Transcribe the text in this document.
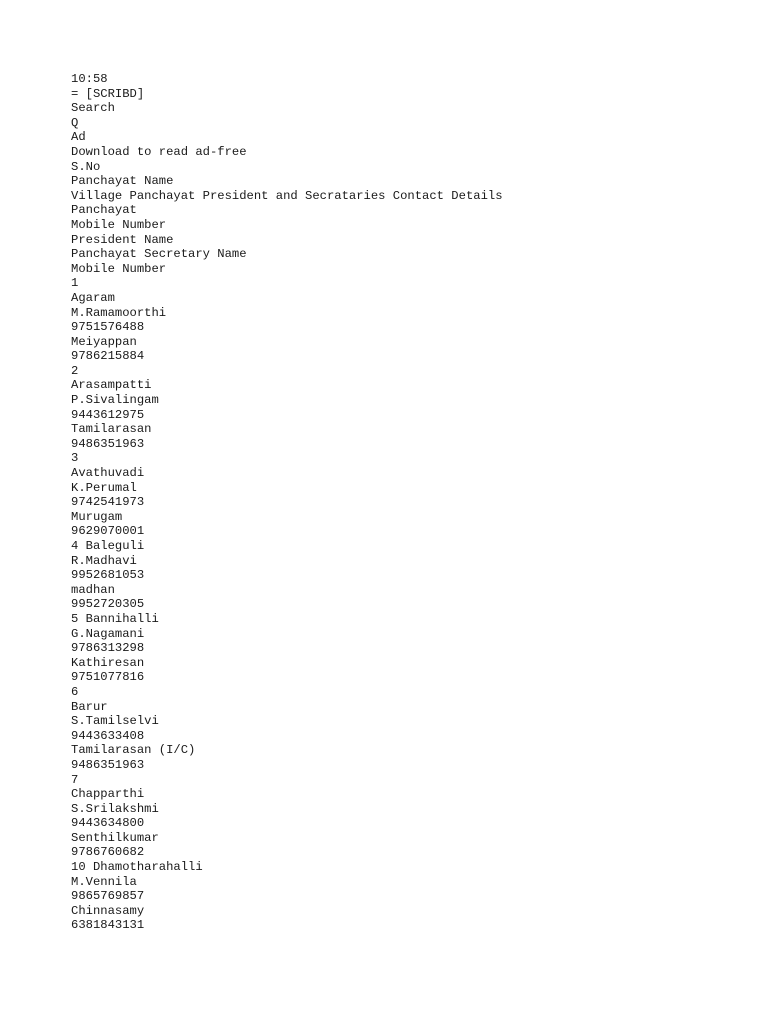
10:58
= [SCRIBD]
Search
Q
Ad
Download to read ad-free
S.No
Panchayat Name
Village Panchayat President and Secrataries Contact Details
Panchayat
Mobile Number
President Name
Panchayat Secretary Name
Mobile Number
1
Agaram
M.Ramamoorthi
9751576488
Meiyappan
9786215884
2
Arasampatti
P.Sivalingam
9443612975
Tamilarasan
9486351963
3
Avathuvadi
K.Perumal
9742541973
Murugam
9629070001
4 Baleguli
R.Madhavi
9952681053
madhan
9952720305
5 Bannihalli
G.Nagamani
9786313298
Kathiresan
9751077816
6
Barur
S.Tamilselvi
9443633408
Tamilarasan (I/C)
9486351963
7
Chapparthi
S.Srilakshmi
9443634800
Senthilkumar
9786760682
10 Dhamotharahalli
M.Vennila
9865769857
Chinnasamy
6381843131
